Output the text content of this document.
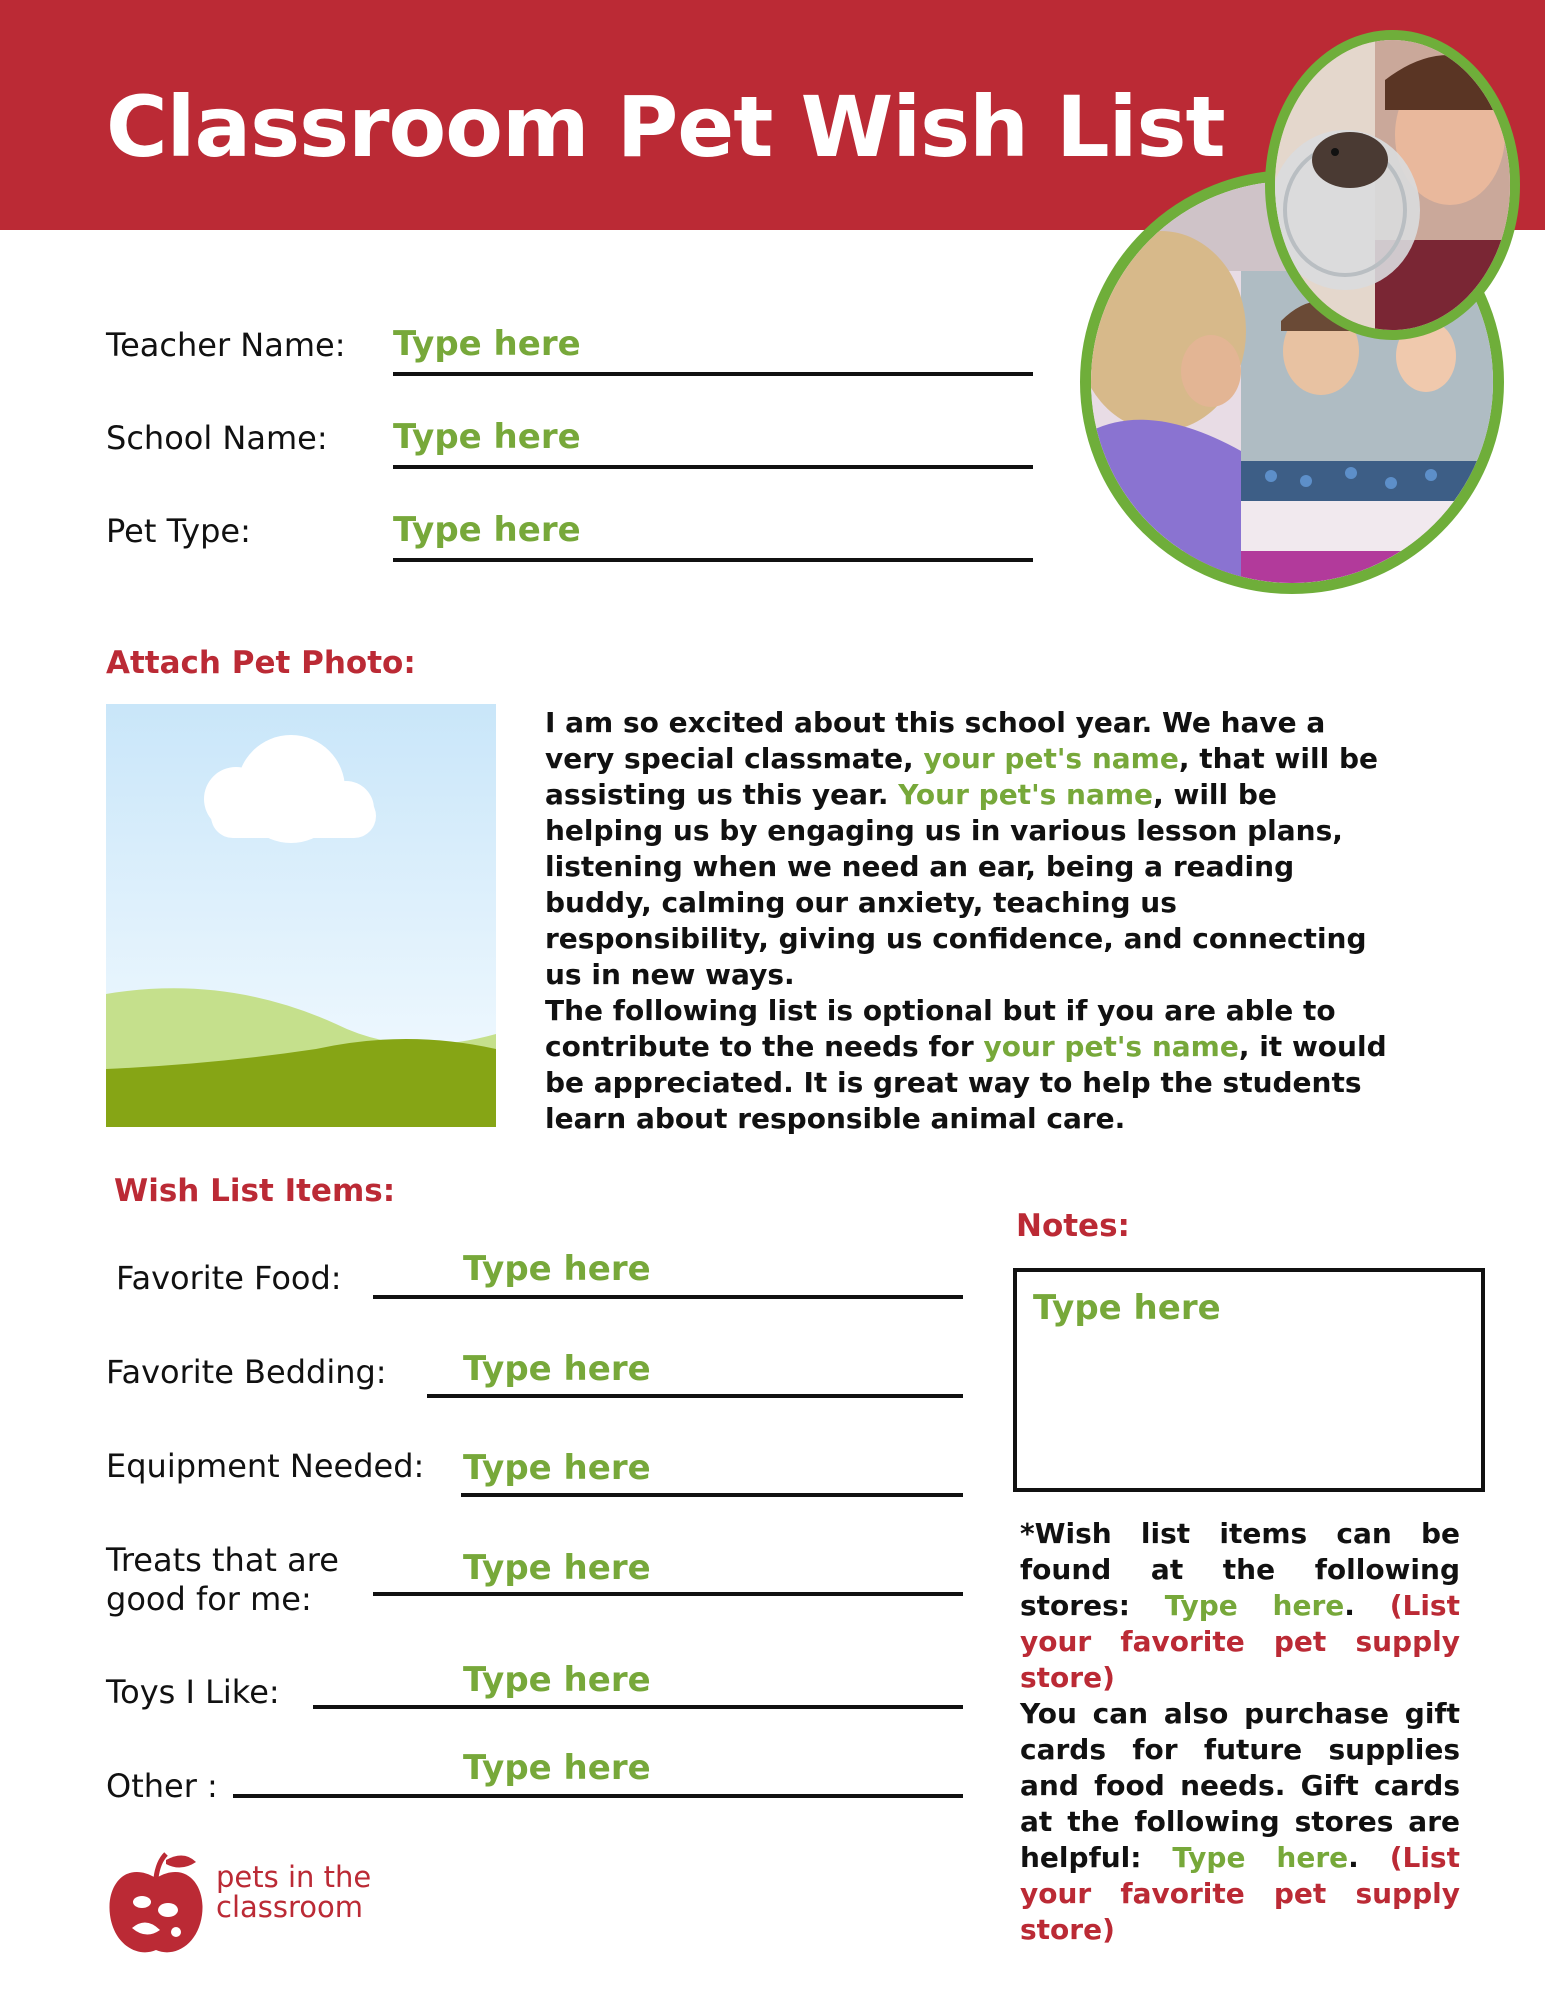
Classroom Pet Wish List
Teacher Name: Type here
School Name: Type here
Pet Type:	Type here
Attach Pet Photo:
I am so excited about this school year. We have a very special classmate, your pet's name, that will be assisting us this year. Your pet's name, will be helping us by engaging us in various lesson plans, listening when we need an ear, being a reading buddy, calming our anxiety, teaching us responsibility, giving us confidence, and connecting us in new ways.
The following list is optional but if you are able to contribute to the needs for your pet's name, it would be appreciated. It is great way to help the students learn about responsible animal care.
Wish List Items:
Favorite Food:	Type here
Favorite Bedding: Type here
Equipment Needed: Type here
Treats that are
good for me:
Type here
Toys I Like:	Type here
Other :	Type here
Notes:
Type here
*Wish list items can be found at the following stores: Type here. (List your favorite pet supply store)
You can also purchase gift cards for future supplies and food needs. Gift cards at the following stores are helpful: Type here. (List your favorite pet supply store)
pets in the
classroom
